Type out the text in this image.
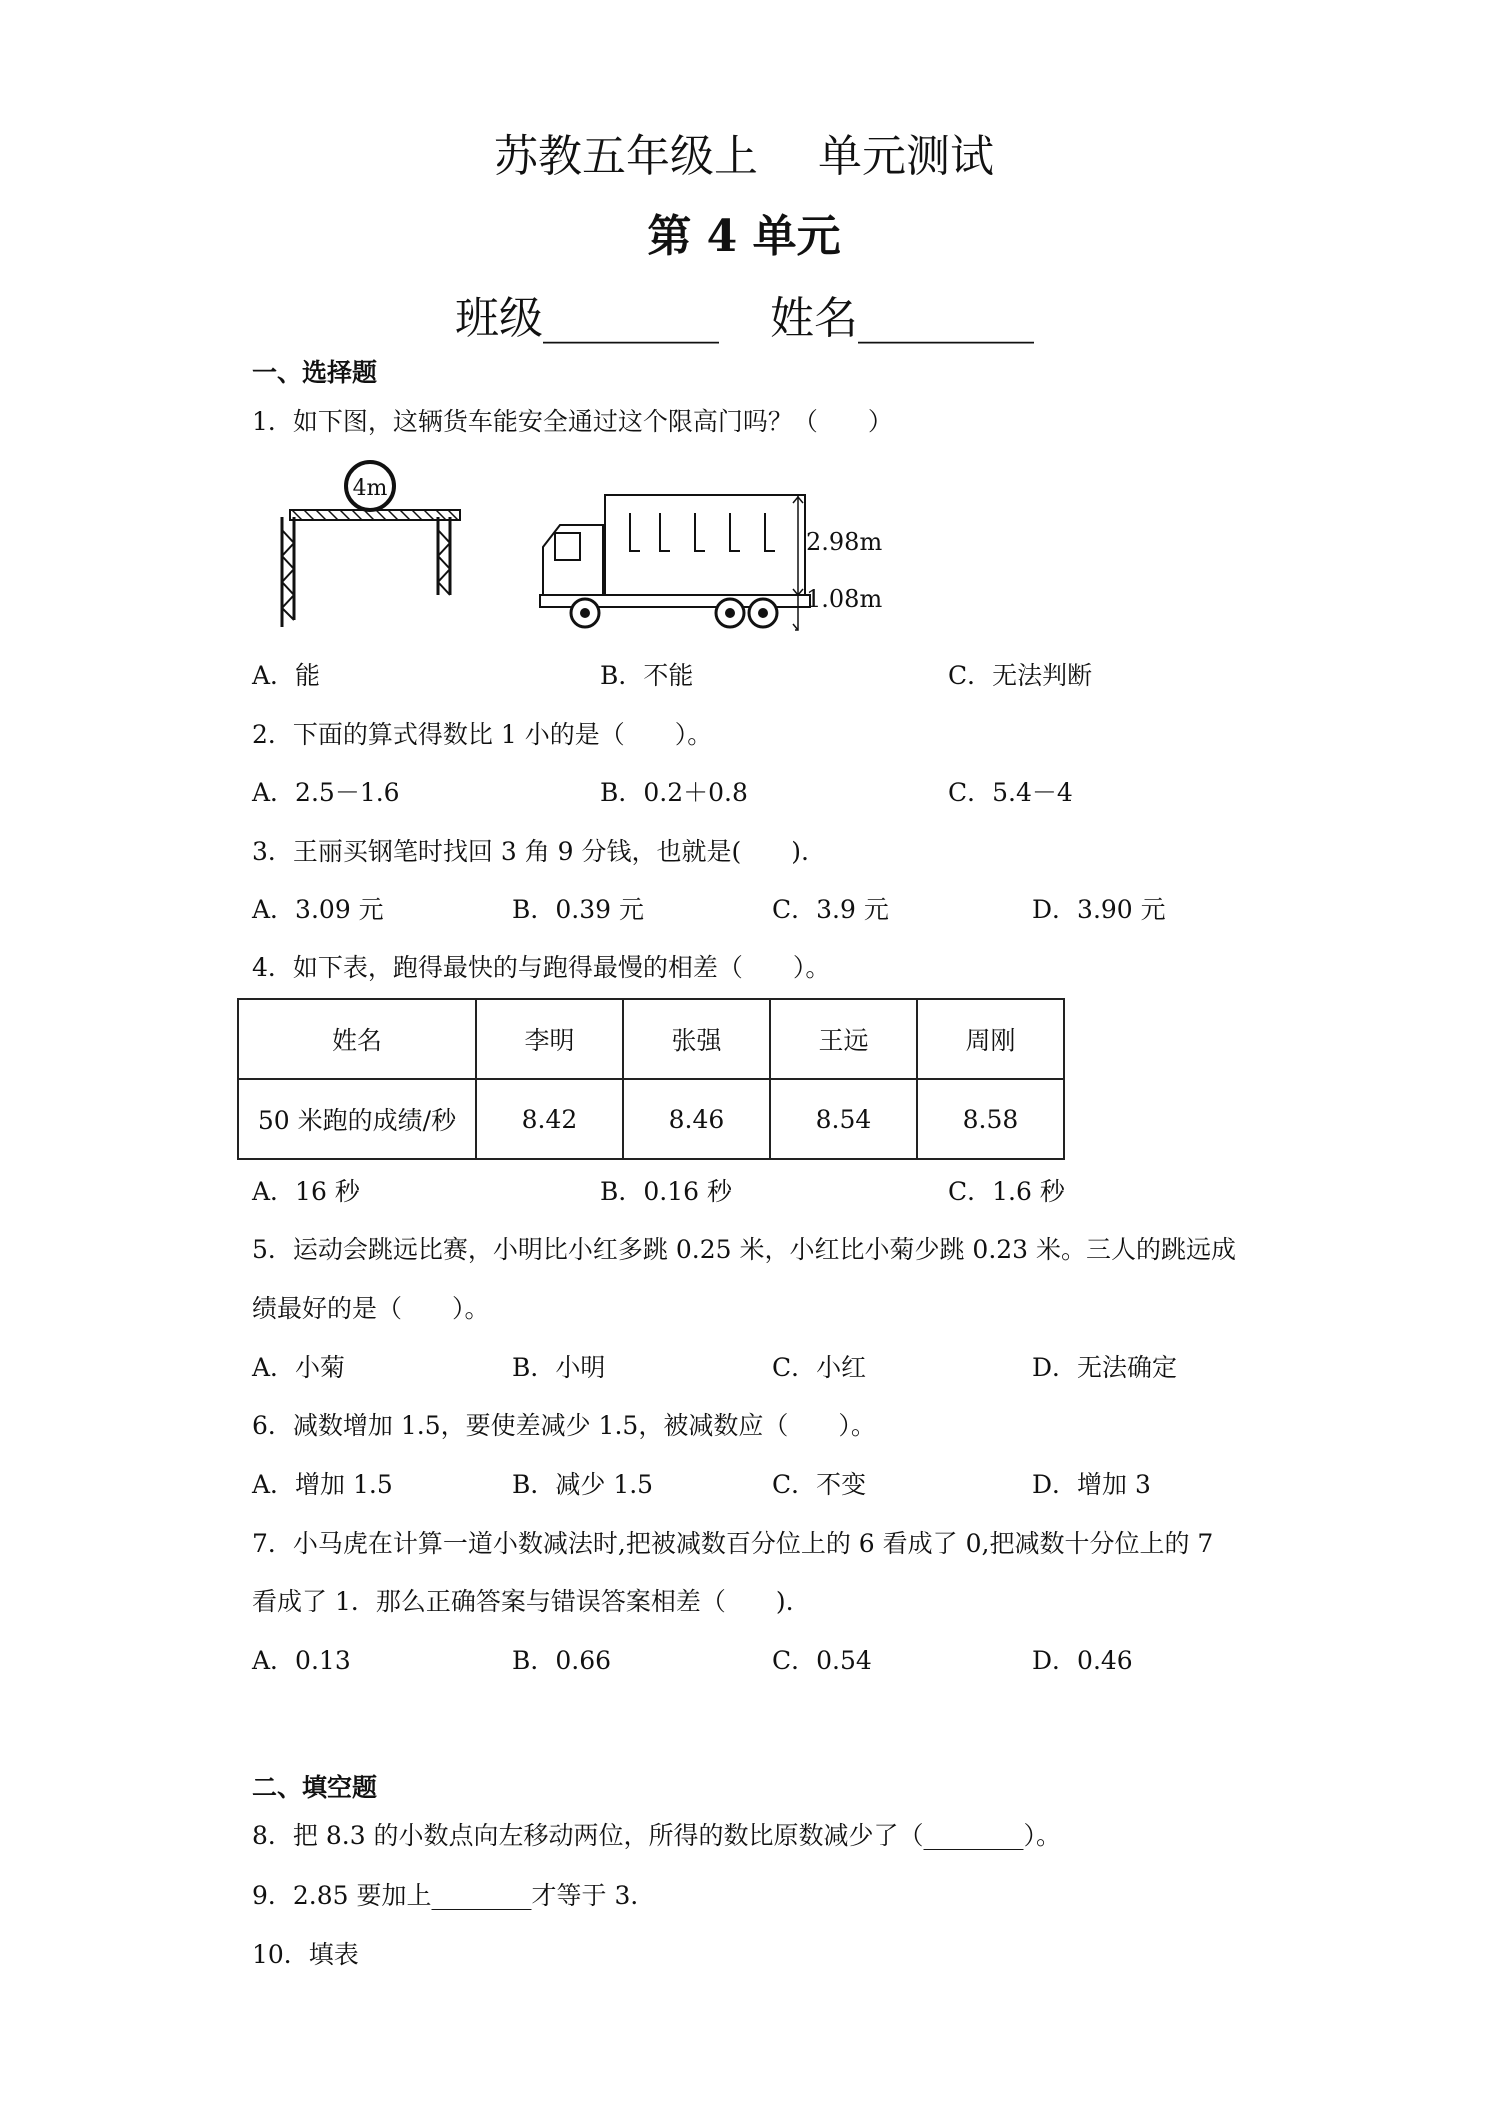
苏教五年级上 单元测试
第 4 单元
班级________ 姓名________
一、选择题
1．如下图，这辆货车能安全通过这个限高门吗？（　　）
4m
2.98m
1.08m
A．能	B．不能	C．无法判断
2．下面的算式得数比 1 小的是（　　）。
A．2.5－1.6	B．0.2＋0.8	C．5.4－4
3．王丽买钢笔时找回 3 角 9 分钱，也就是(　　).
A．3.09 元	B．0.39 元	C．3.9 元	D．3.90 元
4．如下表，跑得最快的与跑得最慢的相差（　　）。
姓名	李明	张强	王远	周刚
50 米跑的成绩/秒	8.42	8.46	8.54	8.58
A．16 秒	B．0.16 秒	C．1.6 秒
5．运动会跳远比赛，小明比小红多跳 0.25 米，小红比小菊少跳 0.23 米。三人的跳远成
绩最好的是（　　）。
A．小菊	B．小明	C．小红	D．无法确定
6．减数增加 1.5，要使差减少 1.5，被减数应（　　）。
A．增加 1.5	B．减少 1.5	C．不变	D．增加 3
7．小马虎在计算一道小数减法时,把被减数百分位上的 6 看成了 0,把减数十分位上的 7
看成了 1．那么正确答案与错误答案相差（　　).
A．0.13	B．0.66	C．0.54	D．0.46
二、填空题
8．把 8.3 的小数点向左移动两位，所得的数比原数减少了（________）。
9．2.85 要加上________才等于 3．
10．填表
